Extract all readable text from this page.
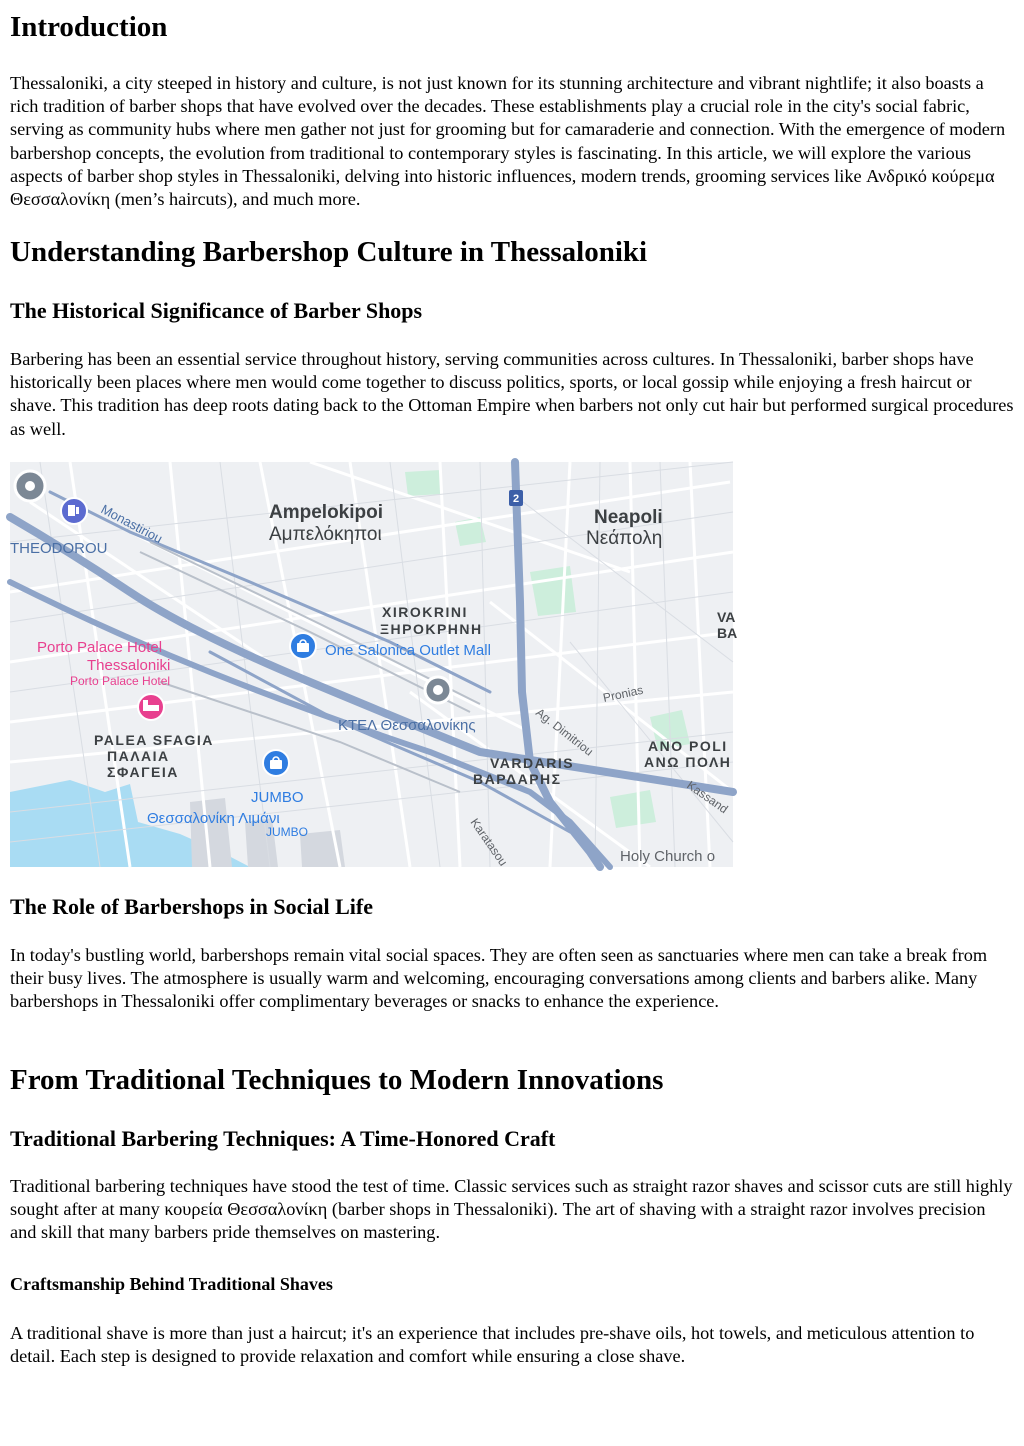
Introduction

Thessaloniki, a city steeped in history and culture, is not just known for its stunning architecture and vibrant nightlife; it also boasts a rich tradition of barber shops that have evolved over the decades. These establishments play a crucial role in the city's social fabric, serving as community hubs where men gather not just for grooming but for camaraderie and connection. With the emergence of modern barbershop concepts, the evolution from traditional to contemporary styles is fascinating. In this article, we will explore the various aspects of barber shop styles in Thessaloniki, delving into historic influences, modern trends, grooming services like Ανδρικό κούρεμα Θεσσαλονίκη (men’s haircuts), and much more.

Understanding Barbershop Culture in Thessaloniki
The Historical Significance of Barber Shops

Barbering has been an essential service throughout history, serving communities across cultures. In Thessaloniki, barber shops have historically been places where men would come together to discuss politics, sports, or local gossip while enjoying a fresh haircut or shave. This tradition has deep roots dating back to the Ottoman Empire when barbers not only cut hair but performed surgical procedures as well.

2
Ampelokipoi
Αμπελόκηποι
Neapoli
Νεάπολη
THEODOROU
Monastiriou
XIROKRINI
ΞΗΡΟΚΡΗΝΗ
One Salonica Outlet Mall
Porto Palace Hotel
Thessaloniki
Porto Palace Hotel
Pronias
VA
BA
ΚΤΕΛ Θεσσαλονίκης	Ag. Dimitriou
PALEA SFAGIA
ΠΑΛΑΙΑ
ΣΦΑΓΕΙΑ
VARDARIS
ΒΑΡΔΑΡΗΣ
ANO POLI
ΑΝΩ ΠΟΛΗ
JUMBO
Θεσσαλονίκη Λιμάνι
JUMBO
Kassand
Karatasou	Holy Church o
The Role of Barbershops in Social Life

In today's bustling world, barbershops remain vital social spaces. They are often seen as sanctuaries where men can take a break from their busy lives. The atmosphere is usually warm and welcoming, encouraging conversations among clients and barbers alike. Many barbershops in Thessaloniki offer complimentary beverages or snacks to enhance the experience.

From Traditional Techniques to Modern Innovations
Traditional Barbering Techniques: A Time-Honored Craft

Traditional barbering techniques have stood the test of time. Classic services such as straight razor shaves and scissor cuts are still highly sought after at many κουρεία Θεσσαλονίκη (barber shops in Thessaloniki). The art of shaving with a straight razor involves precision and skill that many barbers pride themselves on mastering.

Craftsmanship Behind Traditional Shaves

A traditional shave is more than just a haircut; it's an experience that includes pre-shave oils, hot towels, and meticulous attention to detail. Each step is designed to provide relaxation and comfort while ensuring a close shave.
